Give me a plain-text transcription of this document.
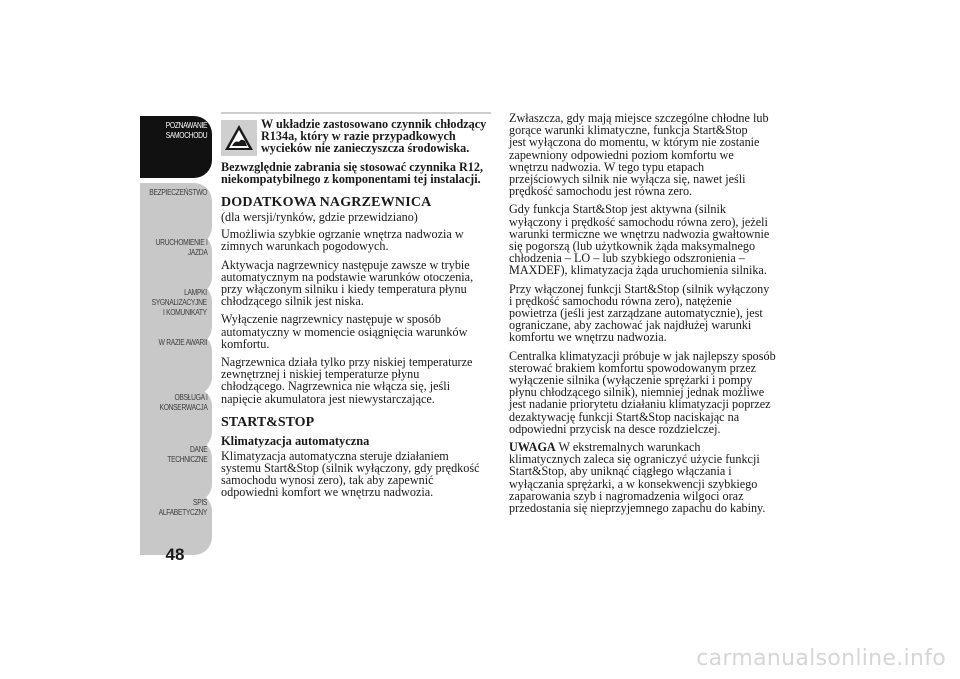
POZNAWANIE
SAMOCHODU
BEZPIECZEŃSTWO
URUCHOMIENIE I
JAZDA
LAMPKI
SYGNALIZACYJNE
I KOMUNIKATY
W RAZIE AWARII
OBSŁUGA I
KONSERWACJA
DANE
TECHNICZNE
SPIS
ALFABETYCZNY
48

W układzie zastosowano czynnik chłodzący
R134a, który w razie przypadkowych
wycieków nie zanieczyszcza środowiska.

Bezwzględnie zabrania się stosować czynnika R12,
niekompatybilnego z komponentami tej instalacji.

DODATKOWA NAGRZEWNICA

(dla wersji/rynków, gdzie przewidziano)

Umożliwia szybkie ogrzanie wnętrza nadwozia w
zimnych warunkach pogodowych.

Aktywacja nagrzewnicy następuje zawsze w trybie
automatycznym na podstawie warunków otoczenia,
przy włączonym silniku i kiedy temperatura płynu
chłodzącego silnik jest niska.

Wyłączenie nagrzewnicy następuje w sposób
automatyczny w momencie osiągnięcia warunków
komfortu.

Nagrzewnica działa tylko przy niskiej temperaturze
zewnętrznej i niskiej temperaturze płynu
chłodzącego. Nagrzewnica nie włącza się, jeśli
napięcie akumulatora jest niewystarczające.

START&STOP
Klimatyzacja automatyczna

Klimatyzacja automatyczna steruje działaniem
systemu Start&Stop (silnik wyłączony, gdy prędkość
samochodu wynosi zero), tak aby zapewnić
odpowiedni komfort we wnętrzu nadwozia.

Zwłaszcza, gdy mają miejsce szczególne chłodne lub
gorące warunki klimatyczne, funkcja Start&Stop
jest wyłączona do momentu, w którym nie zostanie
zapewniony odpowiedni poziom komfortu we
wnętrzu nadwozia. W tego typu etapach
przejściowych silnik nie wyłącza się, nawet jeśli
prędkość samochodu jest równa zero.

Gdy funkcja Start&Stop jest aktywna (silnik
wyłączony i prędkość samochodu równa zero), jeżeli
warunki termiczne we wnętrzu nadwozia gwałtownie
się pogorszą (lub użytkownik żąda maksymalnego
chłodzenia – LO – lub szybkiego odszronienia –
MAXDEF), klimatyzacja żąda uruchomienia silnika.

Przy włączonej funkcji Start&Stop (silnik wyłączony
i prędkość samochodu równa zero), natężenie
powietrza (jeśli jest zarządzane automatycznie), jest
ograniczane, aby zachować jak najdłużej warunki
komfortu we wnętrzu nadwozia.

Centralka klimatyzacji próbuje w jak najlepszy sposób
sterować brakiem komfortu spowodowanym przez
wyłączenie silnika (wyłączenie sprężarki i pompy
płynu chłodzącego silnik), niemniej jednak możliwe
jest nadanie priorytetu działaniu klimatyzacji poprzez
dezaktywację funkcji Start&Stop naciskając na
odpowiedni przycisk na desce rozdzielczej.

UWAGA W ekstremalnych warunkach
klimatycznych zaleca się ograniczyć użycie funkcji
Start&Stop, aby uniknąć ciągłego włączania i
wyłączania sprężarki, a w konsekwencji szybkiego
zaparowania szyb i nagromadzenia wilgoci oraz
przedostania się nieprzyjemnego zapachu do kabiny.

carmanualsonline.info
